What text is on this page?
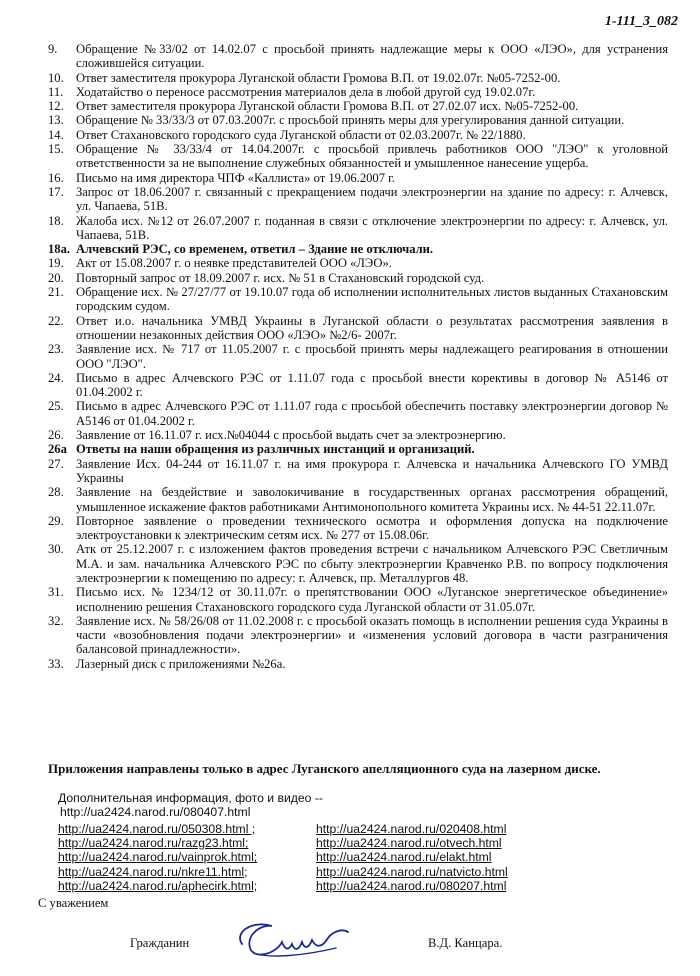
1-111_3_082
9.	Обращение №33/02 от 14.02.07 с просьбой принять надлежащие меры к ООО «ЛЭО», для устранения сложившейся ситуации.
10. Ответ заместителя прокурора Луганской области Громова В.П. от 19.02.07г. №05-7252-00.
11.	Ходатайство о переносе рассмотрения материалов дела в любой другой суд 19.02.07г.
12. Ответ заместителя прокурора Луганской области Громова В.П. от 27.02.07 исх. №05-7252-00.
13. Обращение № 33/33/3 от 07.03.2007г. с просьбой принять меры для урегулирования данной ситуации.
14. Ответ Стахановского городского суда Луганской области от 02.03.2007г. № 22/1880.
15. Обращение № 33/33/4 от 14.04.2007г. с просьбой привлечь работников ООО "ЛЭО" к уголовной ответственности за не выполнение служебных обязанностей и умышленное нанесение ущерба.
16. Письмо на имя директора ЧПФ «Каллиста» от 19.06.2007 г.
17. Запрос от 18.06.2007 г. связанный с прекращением подачи электроэнергии на здание по адресу: г. Алчевск, ул. Чапаева, 51В.
18. Жалоба исх. №12 от 26.07.2007 г. поданная в связи с отключение электроэнергии по адресу: г. Алчевск, ул. Чапаева, 51В.
18а. Алчевский РЭС, со временем, ответил – Здание не отключали.
19. Акт от 15.08.2007 г. о неявке представителей ООО «ЛЭО».
20. Повторный запрос от 18.09.2007 г. исх. № 51 в Стахановский городской суд.
21. Обращение исх. № 27/27/77 от 19.10.07 года об исполнении исполнительных листов выданных Стахановским городским судом.
22. Ответ и.о. начальника УМВД Украины в Луганской области о результатах рассмотрения заявления в отношении незаконных действия ООО «ЛЭО» №2/6- 2007г.
23. Заявление исх. № 717 от 11.05.2007 г. с просьбой принять меры надлежащего реагирования в отношении ООО "ЛЭО".
24. Письмо в адрес Алчевского РЭС от 1.11.07 года с просьбой внести корективы в договор № А5146 от 01.04.2002 г.
25. Письмо в адрес Алчевского РЭС от 1.11.07 года с просьбой обеспечить поставку электроэнергии договор № А5146 от 01.04.2002 г.
26. Заявление от 16.11.07 г. исх.№04044 с просьбой выдать счет за электроэнергию.
26а Ответы на наши обращения из различных инстанций и организаций.
27. Заявление Исх. 04-244 от 16.11.07 г. на имя прокурора г. Алчевска и начальника Алчевского ГО УМВД Украины
28. Заявление на бездействие и заволокичивание в государственных органах рассмотрения обращений, умышленное искажение фактов работниками Антимонопольного комитета Украины исх. № 44-51 22.11.07г.
29. Повторное заявление о проведении технического осмотра и оформления допуска на подключение электроустановки к электрическим сетям исх. № 277 от 15.08.06г.
30. Атк от 25.12.2007 г. с изложением фактов проведения встречи с начальником Алчевского РЭС Светличным М.А. и зам. начальника Алчевского РЭС по сбыту электроэнергии Кравченко Р.В. по вопросу подключения электроэнергии к помещению по адресу: г. Алчевск, пр. Металлургов 48.
31. Письмо исх. № 1234/12 от 30.11.07г. о препятствовании ООО «Луганское энергетическое объединение» исполнению решения Стахановского городского суда Луганской области от 31.05.07г.
32. Заявление исх. № 58/26/08 от 11.02.2008 г. с просьбой оказать помощь в исполнении решения суда Украины в части «возобновления подачи электроэнергии» и «изменения условий договора в части разграничения балансовой принадлежности».
33. Лазерный диск с приложениями №26а.
Приложения направлены только в адрес Луганского апелляционного суда на лазерном диске.
Дополнительная информация, фото и видео --
http://ua2424.narod.ru/080407.html
http://ua2424.narod.ru/050308.html ;	http://ua2424.narod.ru/020408.html
http://ua2424.narod.ru/razg23.html;	http://ua2424.narod.ru/otvech.html
http://ua2424.narod.ru/vainprok.html;	http://ua2424.narod.ru/elakt.html
http://ua2424.narod.ru/nkre11.html;	http://ua2424.narod.ru/natvicto.html
http://ua2424.narod.ru/aphecirk.html;	http://ua2424.narod.ru/080207.html
С уважением
Гражданин	В.Д. Канцара.
